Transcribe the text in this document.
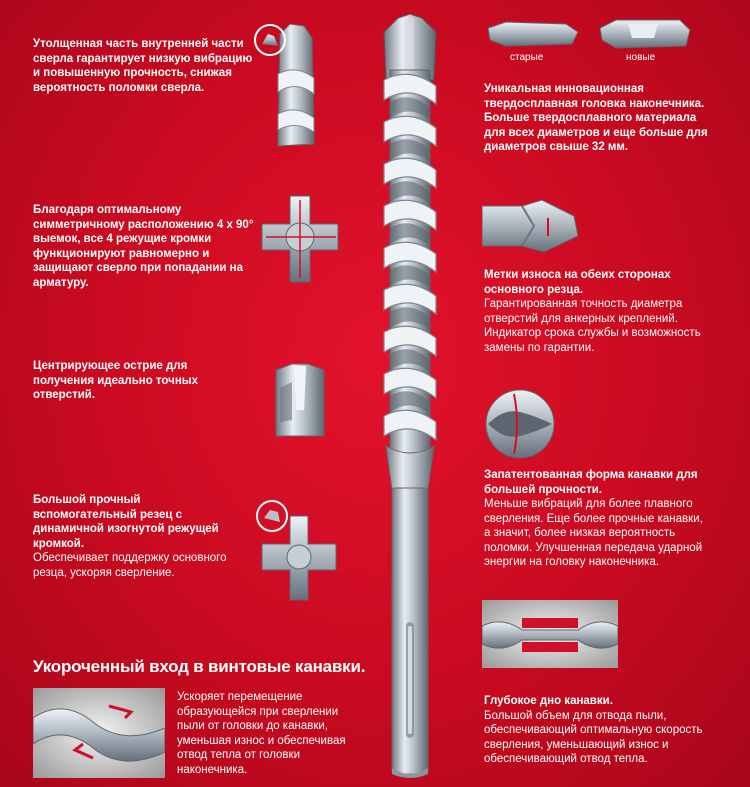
Утолщенная часть внутренней части сверла гарантирует низкую вибрацию и повышенную прочность, снижая вероятность поломки сверла.
Благодаря оптимальному симметричному расположению 4 x 90° выемок, все 4 режущие кромки функционируют равномерно и защищают сверло при попадании на арматуру.
Центрирующее острие для получения идеально точных отверстий.
Большой прочный вспомогательный резец с динамичной изогнутой режущей кромкой.
Обеспечивает поддержку основного резца, ускоряя сверление.
Укороченный вход в винтовые канавки.
Ускоряет перемещение образующейся при сверлении пыли от головки до канавки, уменьшая износ и обеспечивая отвод тепла от головки наконечника.
старые	новые
Уникальная инновационная твердосплавная головка наконечника. Больше твердосплавного материала для всех диаметров и еще больше для диаметров свыше 32 мм.
Метки износа на обеих сторонах основного резца.
Гарантированная точность диаметра отверстий для анкерных креплений. Индикатор срока службы и возможность замены по гарантии.
Запатентованная форма канавки для большей прочности.
Меньше вибраций для более плавного сверления. Еще более прочные канавки, а значит, более низкая вероятность поломки. Улучшенная передача ударной энергии на головку наконечника.
Глубокое дно канавки.
Большой объем для отвода пыли, обеспечивающий оптимальную скорость сверления, уменьшающий износ и обеспечивающий отвод тепла.
